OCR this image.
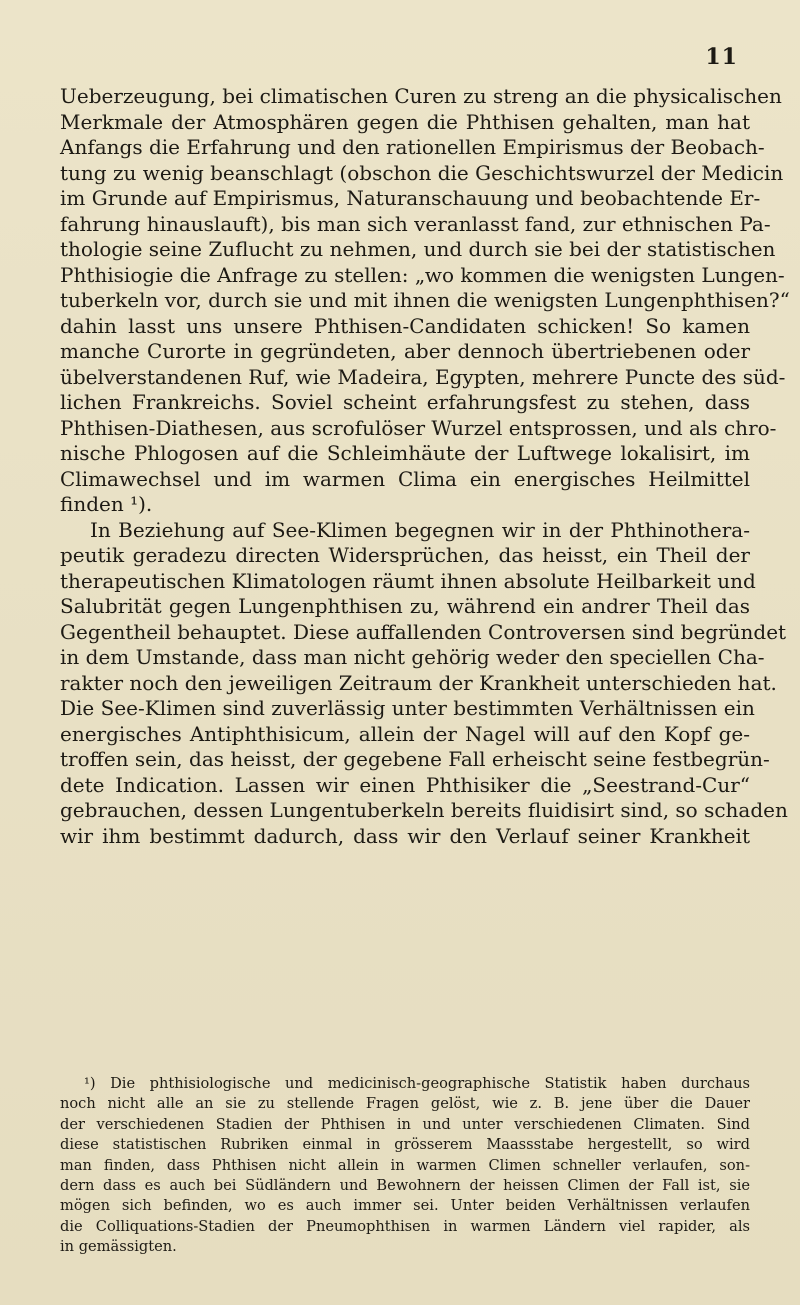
11
Ueberzeugung, bei climatischen Curen zu streng an die physicalischen
Merkmale der Atmosphären gegen die Phthisen gehalten, man hat
Anfangs die Erfahrung und den rationellen Empirismus der Beobach-
tung zu wenig beanschlagt (obschon die Geschichtswurzel der Medicin
im Grunde auf Empirismus, Naturanschauung und beobachtende Er-
fahrung hinauslauft), bis man sich veranlasst fand, zur ethnischen Pa-
thologie seine Zuflucht zu nehmen, und durch sie bei der statistischen
Phthisiogie die Anfrage zu stellen: „wo kommen die wenigsten Lungen-
tuberkeln vor, durch sie und mit ihnen die wenigsten Lungenphthisen?“
dahin lasst uns unsere Phthisen-Candidaten schicken! So kamen
manche Curorte in gegründeten, aber dennoch übertriebenen oder
übelverstandenen Ruf, wie Madeira, Egypten, mehrere Puncte des süd-
lichen Frankreichs. Soviel scheint erfahrungsfest zu stehen, dass
Phthisen-Diathesen, aus scrofulöser Wurzel entsprossen, und als chro-
nische Phlogosen auf die Schleimhäute der Luftwege lokalisirt, im
Climawechsel und im warmen Clima ein energisches Heilmittel
finden ¹).
In Beziehung auf See-Klimen begegnen wir in der Phthinothera-
peutik geradezu directen Widersprüchen, das heisst, ein Theil der
therapeutischen Klimatologen räumt ihnen absolute Heilbarkeit und
Salubrität gegen Lungenphthisen zu, während ein andrer Theil das
Gegentheil behauptet. Diese auffallenden Controversen sind begründet
in dem Umstande, dass man nicht gehörig weder den speciellen Cha-
rakter noch den jeweiligen Zeitraum der Krankheit unterschieden hat.
Die See-Klimen sind zuverlässig unter bestimmten Verhältnissen ein
energisches Antiphthisicum, allein der Nagel will auf den Kopf ge-
troffen sein, das heisst, der gegebene Fall erheischt seine festbegrün-
dete Indication. Lassen wir einen Phthisiker die „Seestrand-Cur“
gebrauchen, dessen Lungentuberkeln bereits fluidisirt sind, so schaden
wir ihm bestimmt dadurch, dass wir den Verlauf seiner Krankheit
¹) Die phthisiologische und medicinisch-geographische Statistik haben durchaus
noch nicht alle an sie zu stellende Fragen gelöst, wie z. B. jene über die Dauer
der verschiedenen Stadien der Phthisen in und unter verschiedenen Climaten. Sind
diese statistischen Rubriken einmal in grösserem Maassstabe hergestellt, so wird
man finden, dass Phthisen nicht allein in warmen Climen schneller verlaufen, son-
dern dass es auch bei Südländern und Bewohnern der heissen Climen der Fall ist, sie
mögen sich befinden, wo es auch immer sei. Unter beiden Verhältnissen verlaufen
die Colliquations-Stadien der Pneumophthisen in warmen Ländern viel rapider, als
in gemässigten.
